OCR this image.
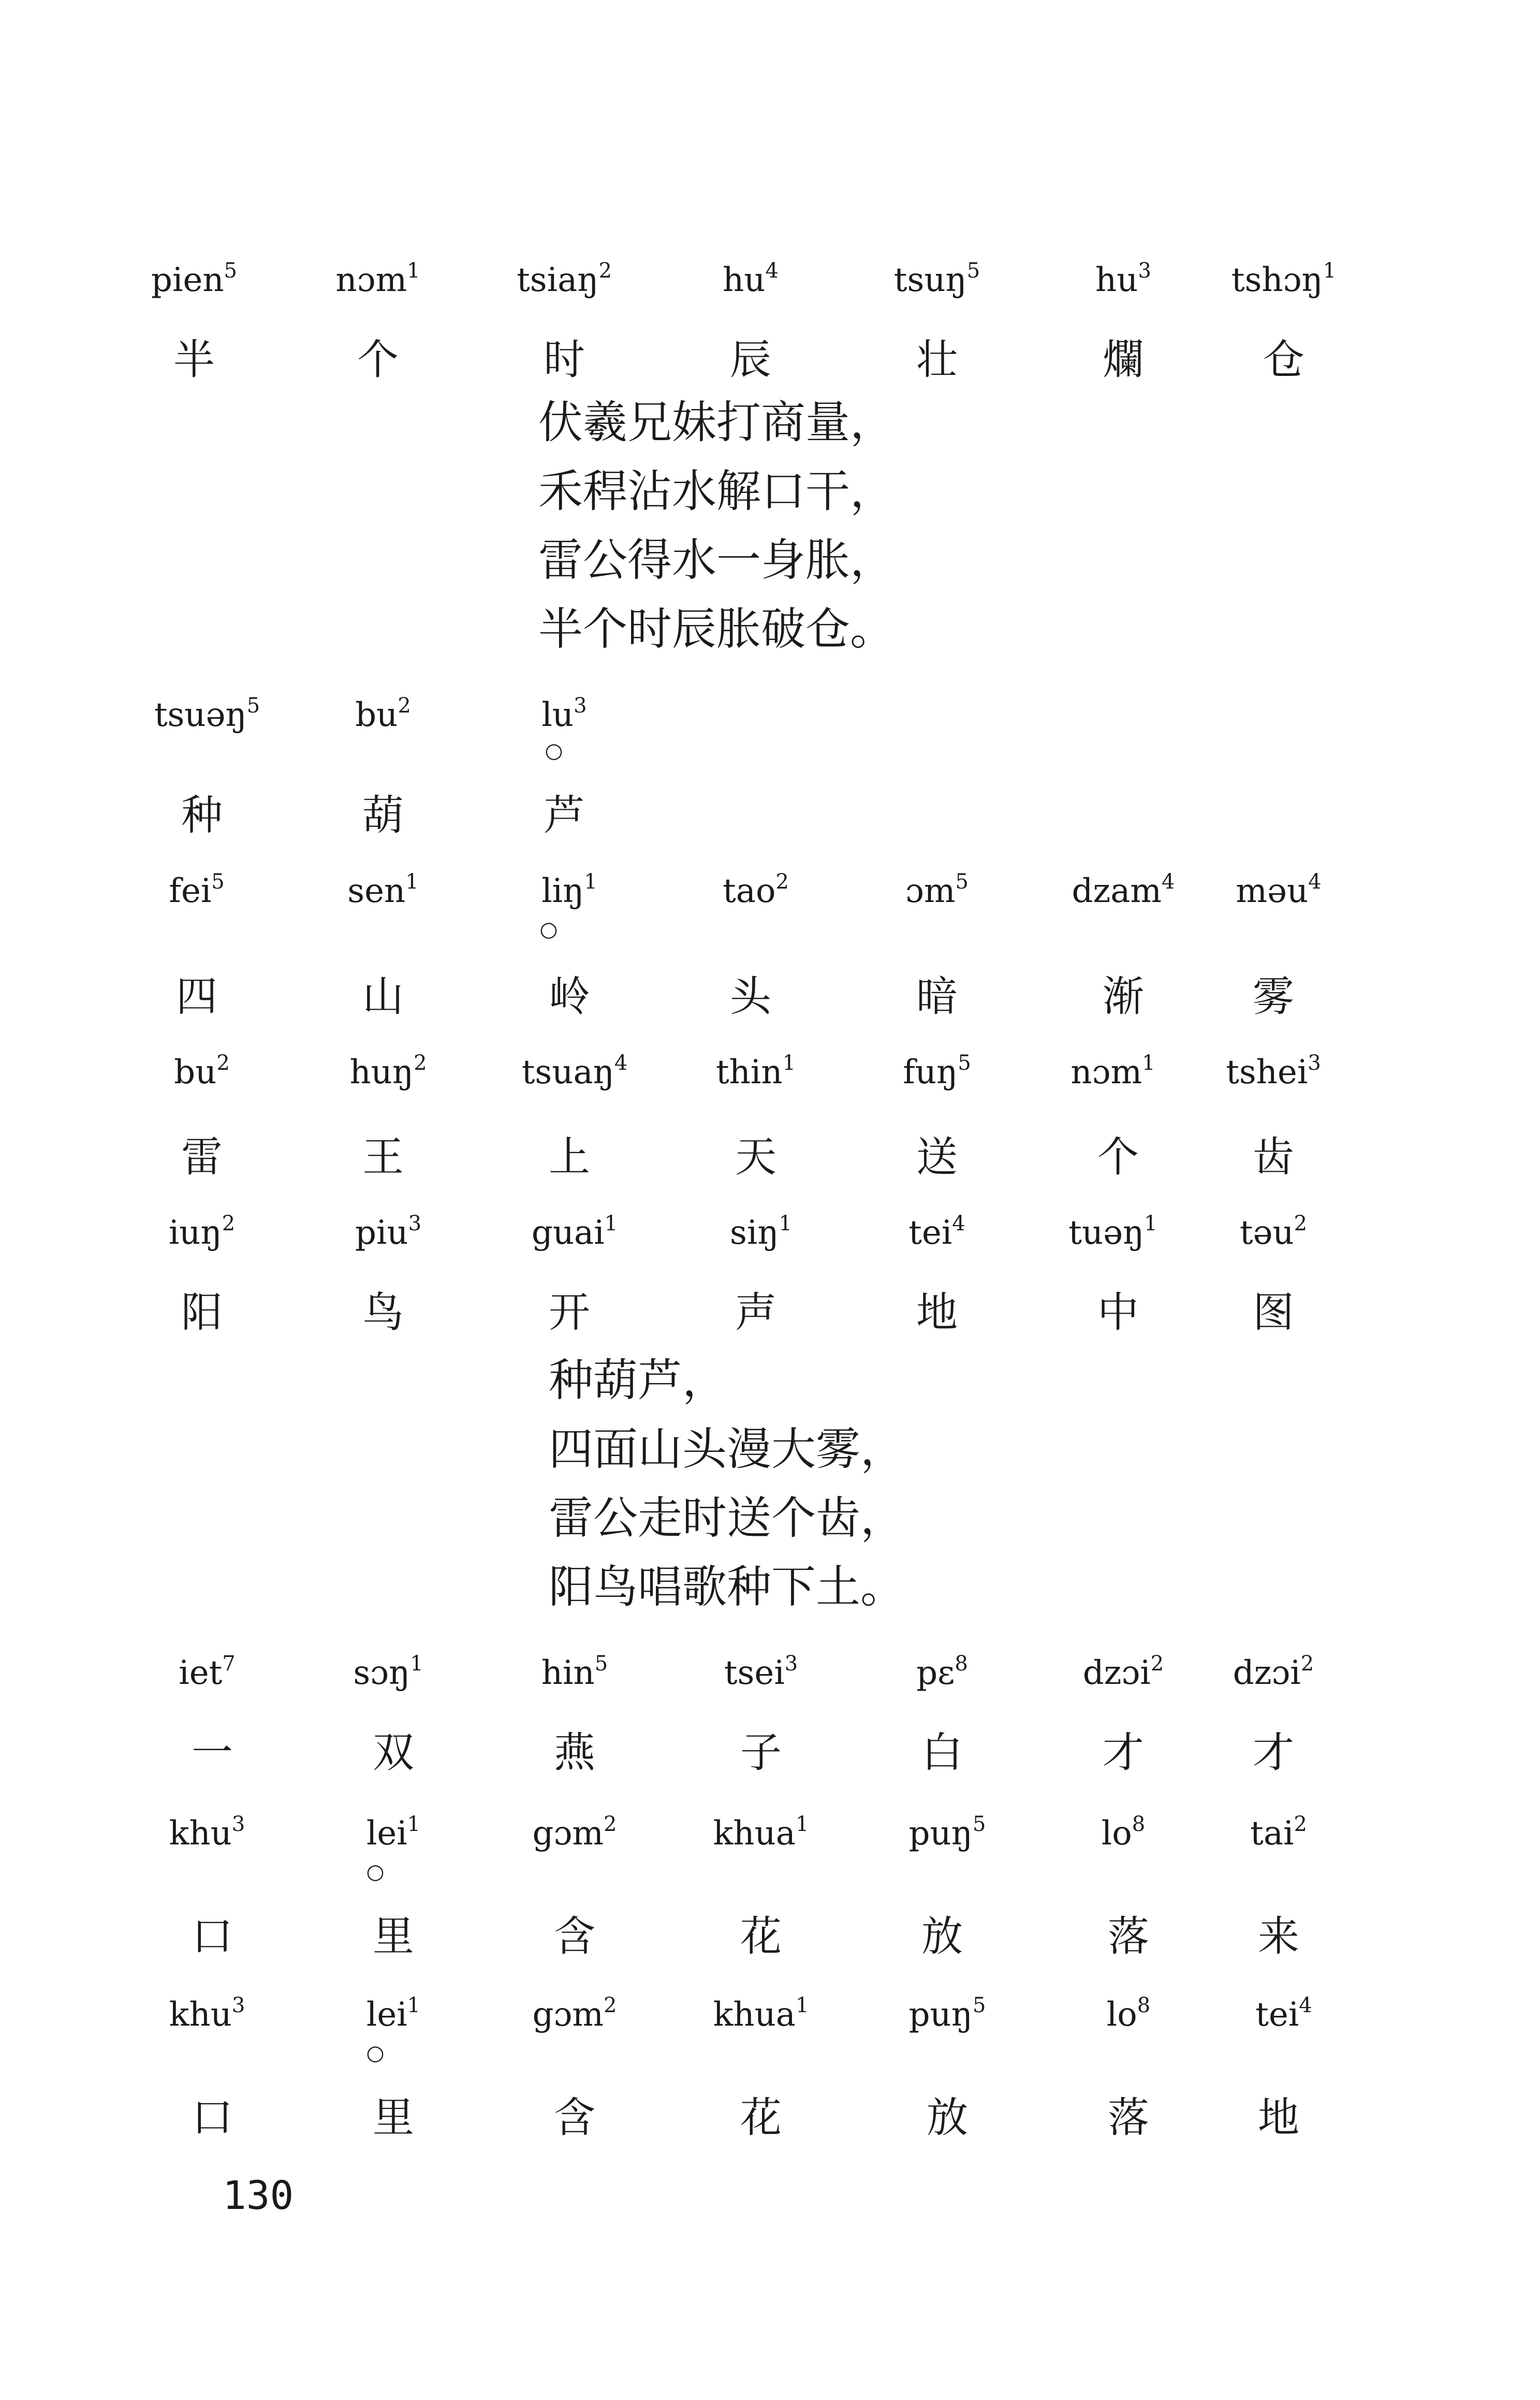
pien$^5$	nɔm$^1$	tsiaŋ$^2$	$hu^4$	tsuŋ$^5$	$hu^3$	tshɔŋ$^1$
半	个	时	辰	壮	爛	仓
伏羲兄妹打商量，
禾稈沾水解口干，
雷公得水一身胀，
半个时辰胀破仓。
tsuəŋ$^5$	$bu^2$	$lu^3$
○
种	葫	芦
fei$^5$	sen$^1$	liŋ$^1$	tao$^2$	ɔm$^5$	dzam$^4$	məu$^4$
○
四	山	岭	头	暗	渐	雾
$bu^2$	huŋ$^2$	tsuaŋ$^4$	thin$^1$	fuŋ$^5$	nɔm$^1$	tshei$^3$
雷	王	上	天	送	个	齿
iuŋ$^2$	piu$^3$	guai$^1$	siŋ$^1$	tei$^4$	tuəŋ$^1$	təu$^2$
阳	鸟	开	声	地	中	图
种葫芦，
四面山头漫大雾，
雷公走时送个齿，
阳鸟唱歌种下土。
iet$^7$	sɔŋ$^1$	hin$^5$	tsei$^3$	pɛ$^8$	dzɔi$^2$	dzɔi$^2$
一	双	燕	子	白	才	才
khu$^3$	lei$^1$	gɔm$^2$	khua$^1$	puŋ$^5$	$lo^8$	tai$^2$
○
口	里	含	花	放	落	来
khu$^3$	lei$^1$	gɔm$^2$	khua$^1$	puŋ$^5$	$lo^8$	tei$^4$
○
口	里	含	花	放	落	地
130
